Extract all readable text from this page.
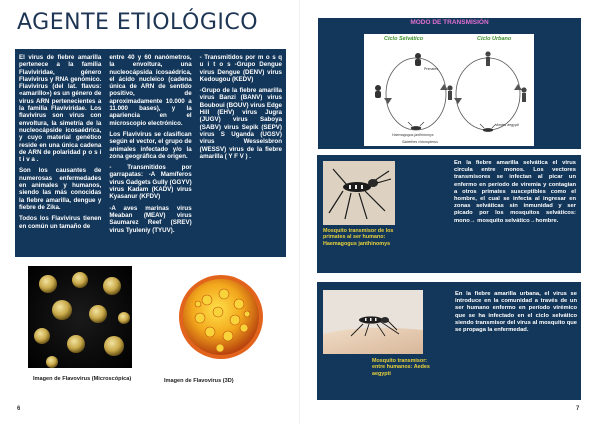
AGENTE ETIOLÓGICO

El virus de fiebre amarilla pertenece a la familia Flaviviridae, género Flavivirus y RNA genómico. Flavivirus (del lat. flavus: «amarillo») es un género de virus ARN pertenecientes a la familia Flaviviridae. Los flavivirus son virus con envoltura, la simetría de la nucleocápside icosaédrica, y cuyo material genético reside en una única cadena de ARN de polaridad p o s i t i v a .

Son los causantes de numerosas enfermedades en animales y humanos, siendo las más conocidas la fiebre amarilla, dengue y fiebre de Zika.

Todos los Flavivirus tienen en común un tamaño de

entre 40 y 60 nanómetros, la envoltura, una nucleocápsida icosaédrica, el ácido nucleico (cadena única de ARN de sentido positivo, de aproximadamente 10.000 a 11.000 bases), y la apariencia en el microscopio electrónico.

Los Flavivirus se clasifican según el vector, el grupo de animales infectado y/o la zona geográfica de origen.

- Transmitidos por garrapatas: -A Mamíferos virus Gadgets Gully (GGYV) virus Kadam (KADV) virus Kyasanur (KFDV)

-A aves marinas virus Meaban (MEAV) virus Saumarez Reef (SREV) virus Tyuleniy (TYUV).

- Transmitidos por m o s q u i t o s -Grupo Dengue virus Dengue (DENV) virus Kedougou (KEDV)

-Grupo de la fiebre amarilla virus Banzi (BANV) virus Bouboui (BOUV) virus Edge Hill (EHV) virus Jugra (JUGV) virus Saboya (SABV) virus Sepik (SEPV) virus S Uganda (UGSV) virus Wesselsbron (WESSV) virus de la fiebre amarilla ( Y F V ) .

Imagen de Flavovirus (Microscópica)	Imagen de Flavovirus (3D)
6	7
MODO DE TRANSMISIÓN
Ciclo Selvático	Ciclo Urbano
Primates
Aedes aegypti
Haemagogus janthinomys
Sabethes chloropterus
Mosquito transmisor de los primates al ser humano: Haemagogus janthinomys
En la fiebre amarilla selvática el virus circula entre monos. Los vectores transmisores se infectan al picar un enfermo en período de viremia y contagian a otros primates susceptibles como el hombre, el cual se infecta al ingresar en zonas selváticas sin inmunidad y ser picado por los mosquitos selváticos: mono→ mosquito selvático→hombre.
Mosquito transmisor: entre humanos: Aedes aegypti
En la fiebre amarilla urbana, el virus se introduce en la comunidad a través de un ser humano enfermo en período virémico que se ha infectado en el ciclo selvático siendo transmisor del virus al mosquito que se propaga la enfermedad.
